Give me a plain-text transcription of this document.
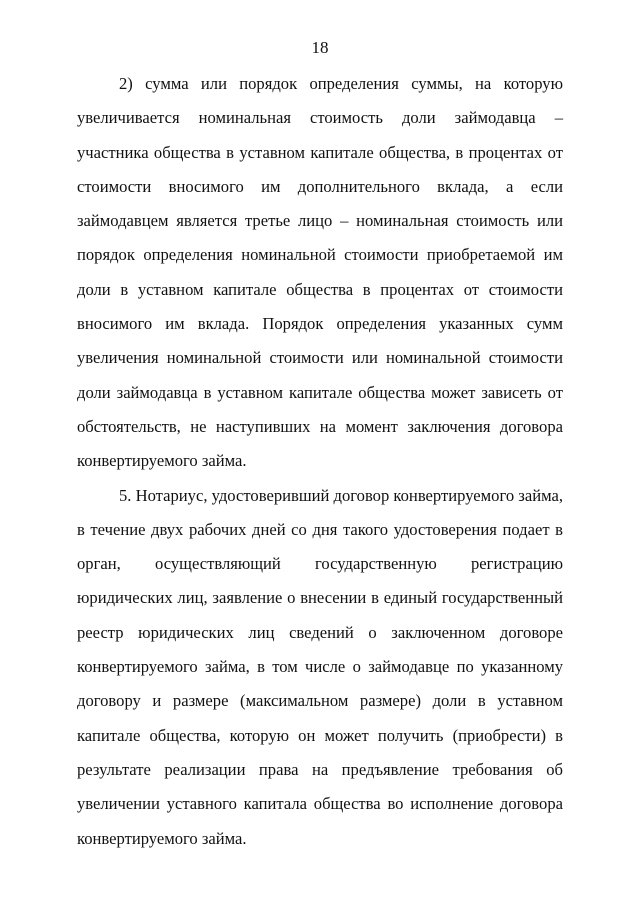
18

2) сумма или порядок определения суммы, на которую увеличивается номинальная стоимость доли займодавца – участника общества в уставном капитале общества, в процентах от стоимости вносимого им дополнительного вклада, а если займодавцем является третье лицо – номинальная стоимость или порядок определения номинальной стоимости приобретаемой им доли в уставном капитале общества в процентах от стоимости вносимого им вклада. Порядок определения указанных сумм увеличения номинальной стоимости или номинальной стоимости доли займодавца в уставном капитале общества может зависеть от обстоятельств, не наступивших на момент заключения договора конвертируемого займа.

5. Нотариус, удостоверивший договор конвертируемого займа, в течение двух рабочих дней со дня такого удостоверения подает в орган, осуществляющий государственную регистрацию юридических лиц, заявление о внесении в единый государственный реестр юридических лиц сведений о заключенном договоре конвертируемого займа, в том числе о займодавце по указанному договору и размере (максимальном размере) доли в уставном капитале общества, которую он может получить (приобрести) в результате реализации права на предъявление требования об увеличении уставного капитала общества во исполнение договора конвертируемого займа.
